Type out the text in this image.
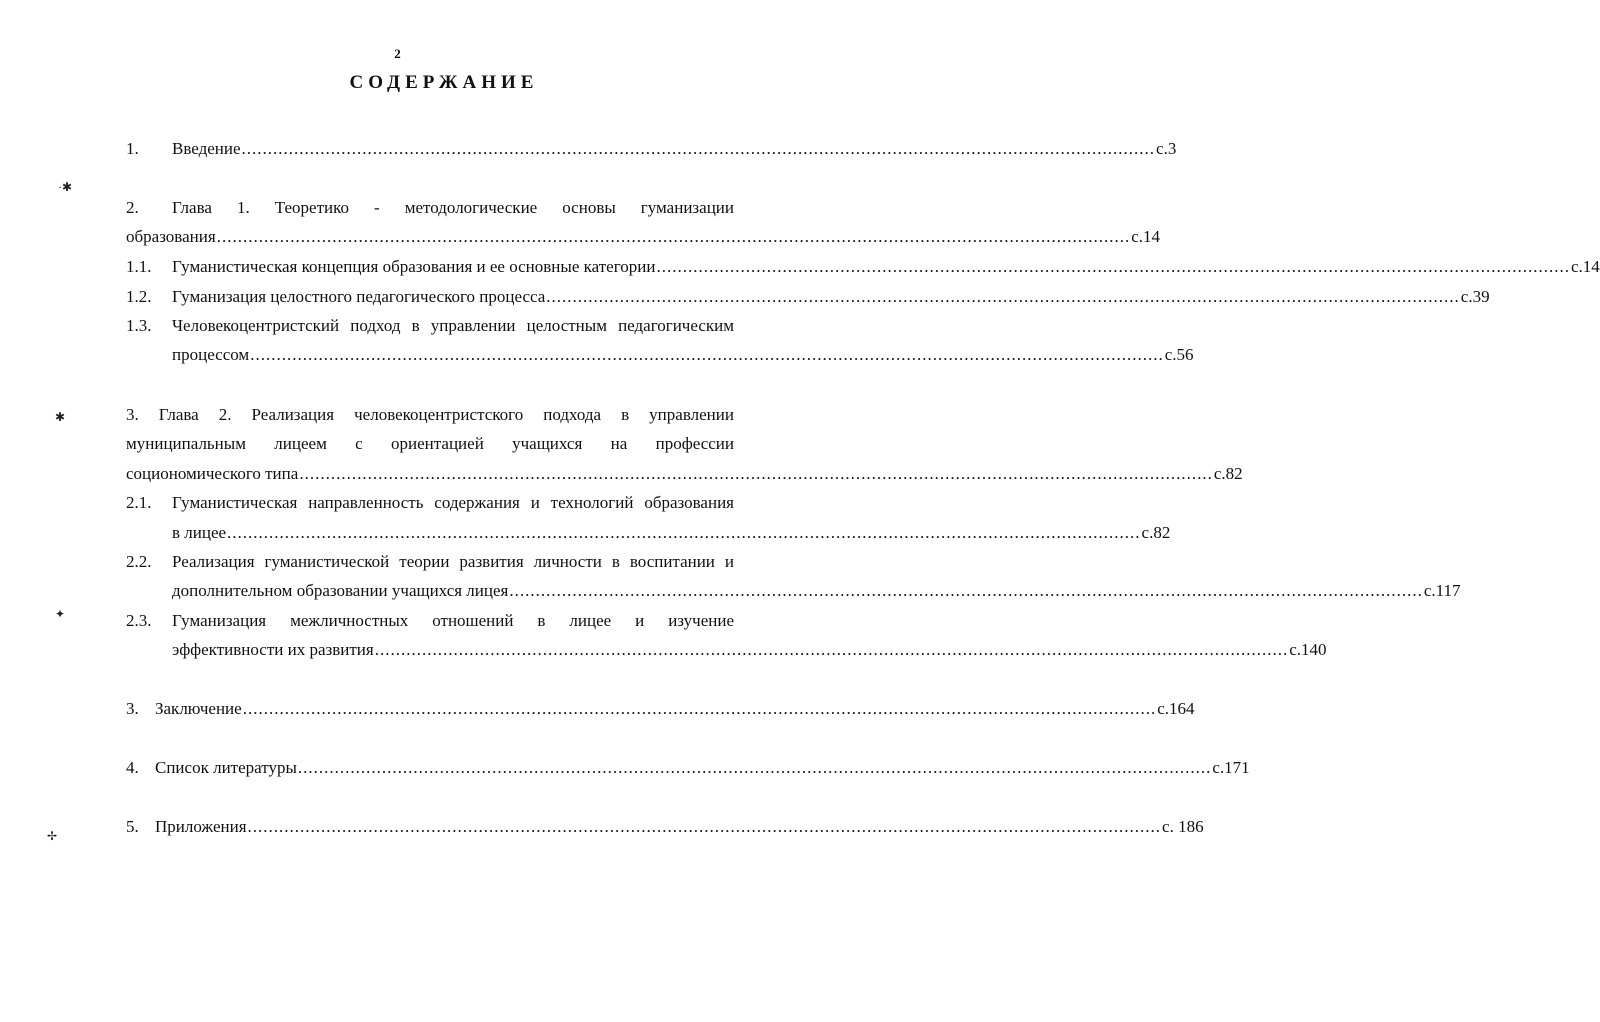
2
СОДЕРЖАНИЕ
·✱
✱
✦
✢
1. Введение .............................................................................................................................................................................. с.3
2. Глава 1. Теоретико - методологические основы гуманизации
образования .............................................................................................................................................................................. с.14
1.1. Гуманистическая концепция образования и ее основные категории .............................................................................................................................................................................. с.14
1.2. Гуманизация целостного педагогического процесса .............................................................................................................................................................................. с.39
1.3. Человекоцентристский подход в управлении целостным педагогическим
процессом .............................................................................................................................................................................. с.56
3. Глава 2. Реализация человекоцентристского подхода в управлении
муниципальным лицеем с ориентацией учащихся на профессии
социономического типа .............................................................................................................................................................................. с.82
2.1. Гуманистическая направленность содержания и технологий образования
в лицее .............................................................................................................................................................................. с.82
2.2. Реализация гуманистической теории развития личности в воспитании и
дополнительном образовании учащихся лицея .............................................................................................................................................................................. с.117
2.3. Гуманизация межличностных отношений в лицее и изучение
эффективности их развития .............................................................................................................................................................................. с.140
3. Заключение .............................................................................................................................................................................. с.164
4. Список литературы .............................................................................................................................................................................. с.171
5. Приложения .............................................................................................................................................................................. с. 186
